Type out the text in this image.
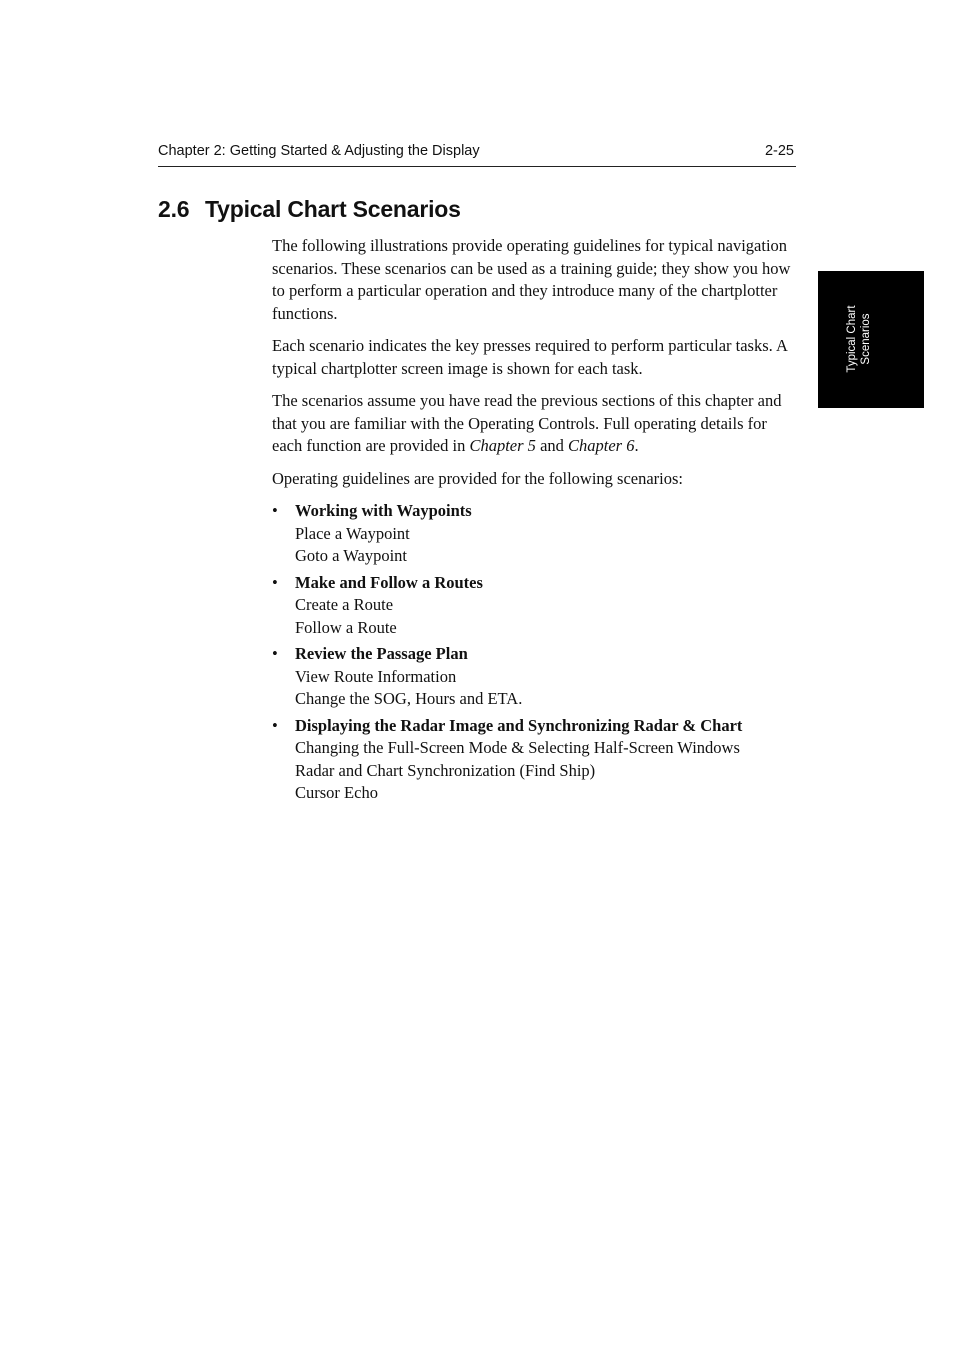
Chapter 2: Getting Started & Adjusting the Display	2-25
2.6 Typical Chart Scenarios
Typical Chart Scenarios

The following illustrations provide operating guidelines for typical navigation scenarios. These scenarios can be used as a training guide; they show you how to perform a particular operation and they introduce many of the chartplotter functions.

Each scenario indicates the key presses required to perform particular tasks. A typical chartplotter screen image is shown for each task.

The scenarios assume you have read the previous sections of this chapter and that you are familiar with the Operating Controls. Full operating details for each function are provided in Chapter 5 and Chapter 6.

Operating guidelines are provided for the following scenarios:

• Working with Waypoints
Place a Waypoint
Goto a Waypoint
• Make and Follow a Routes
Create a Route
Follow a Route
• Review the Passage Plan
View Route Information
Change the SOG, Hours and ETA.
• Displaying the Radar Image and Synchronizing Radar & Chart
Changing the Full-Screen Mode & Selecting Half-Screen Windows
Radar and Chart Synchronization (Find Ship)
Cursor Echo
